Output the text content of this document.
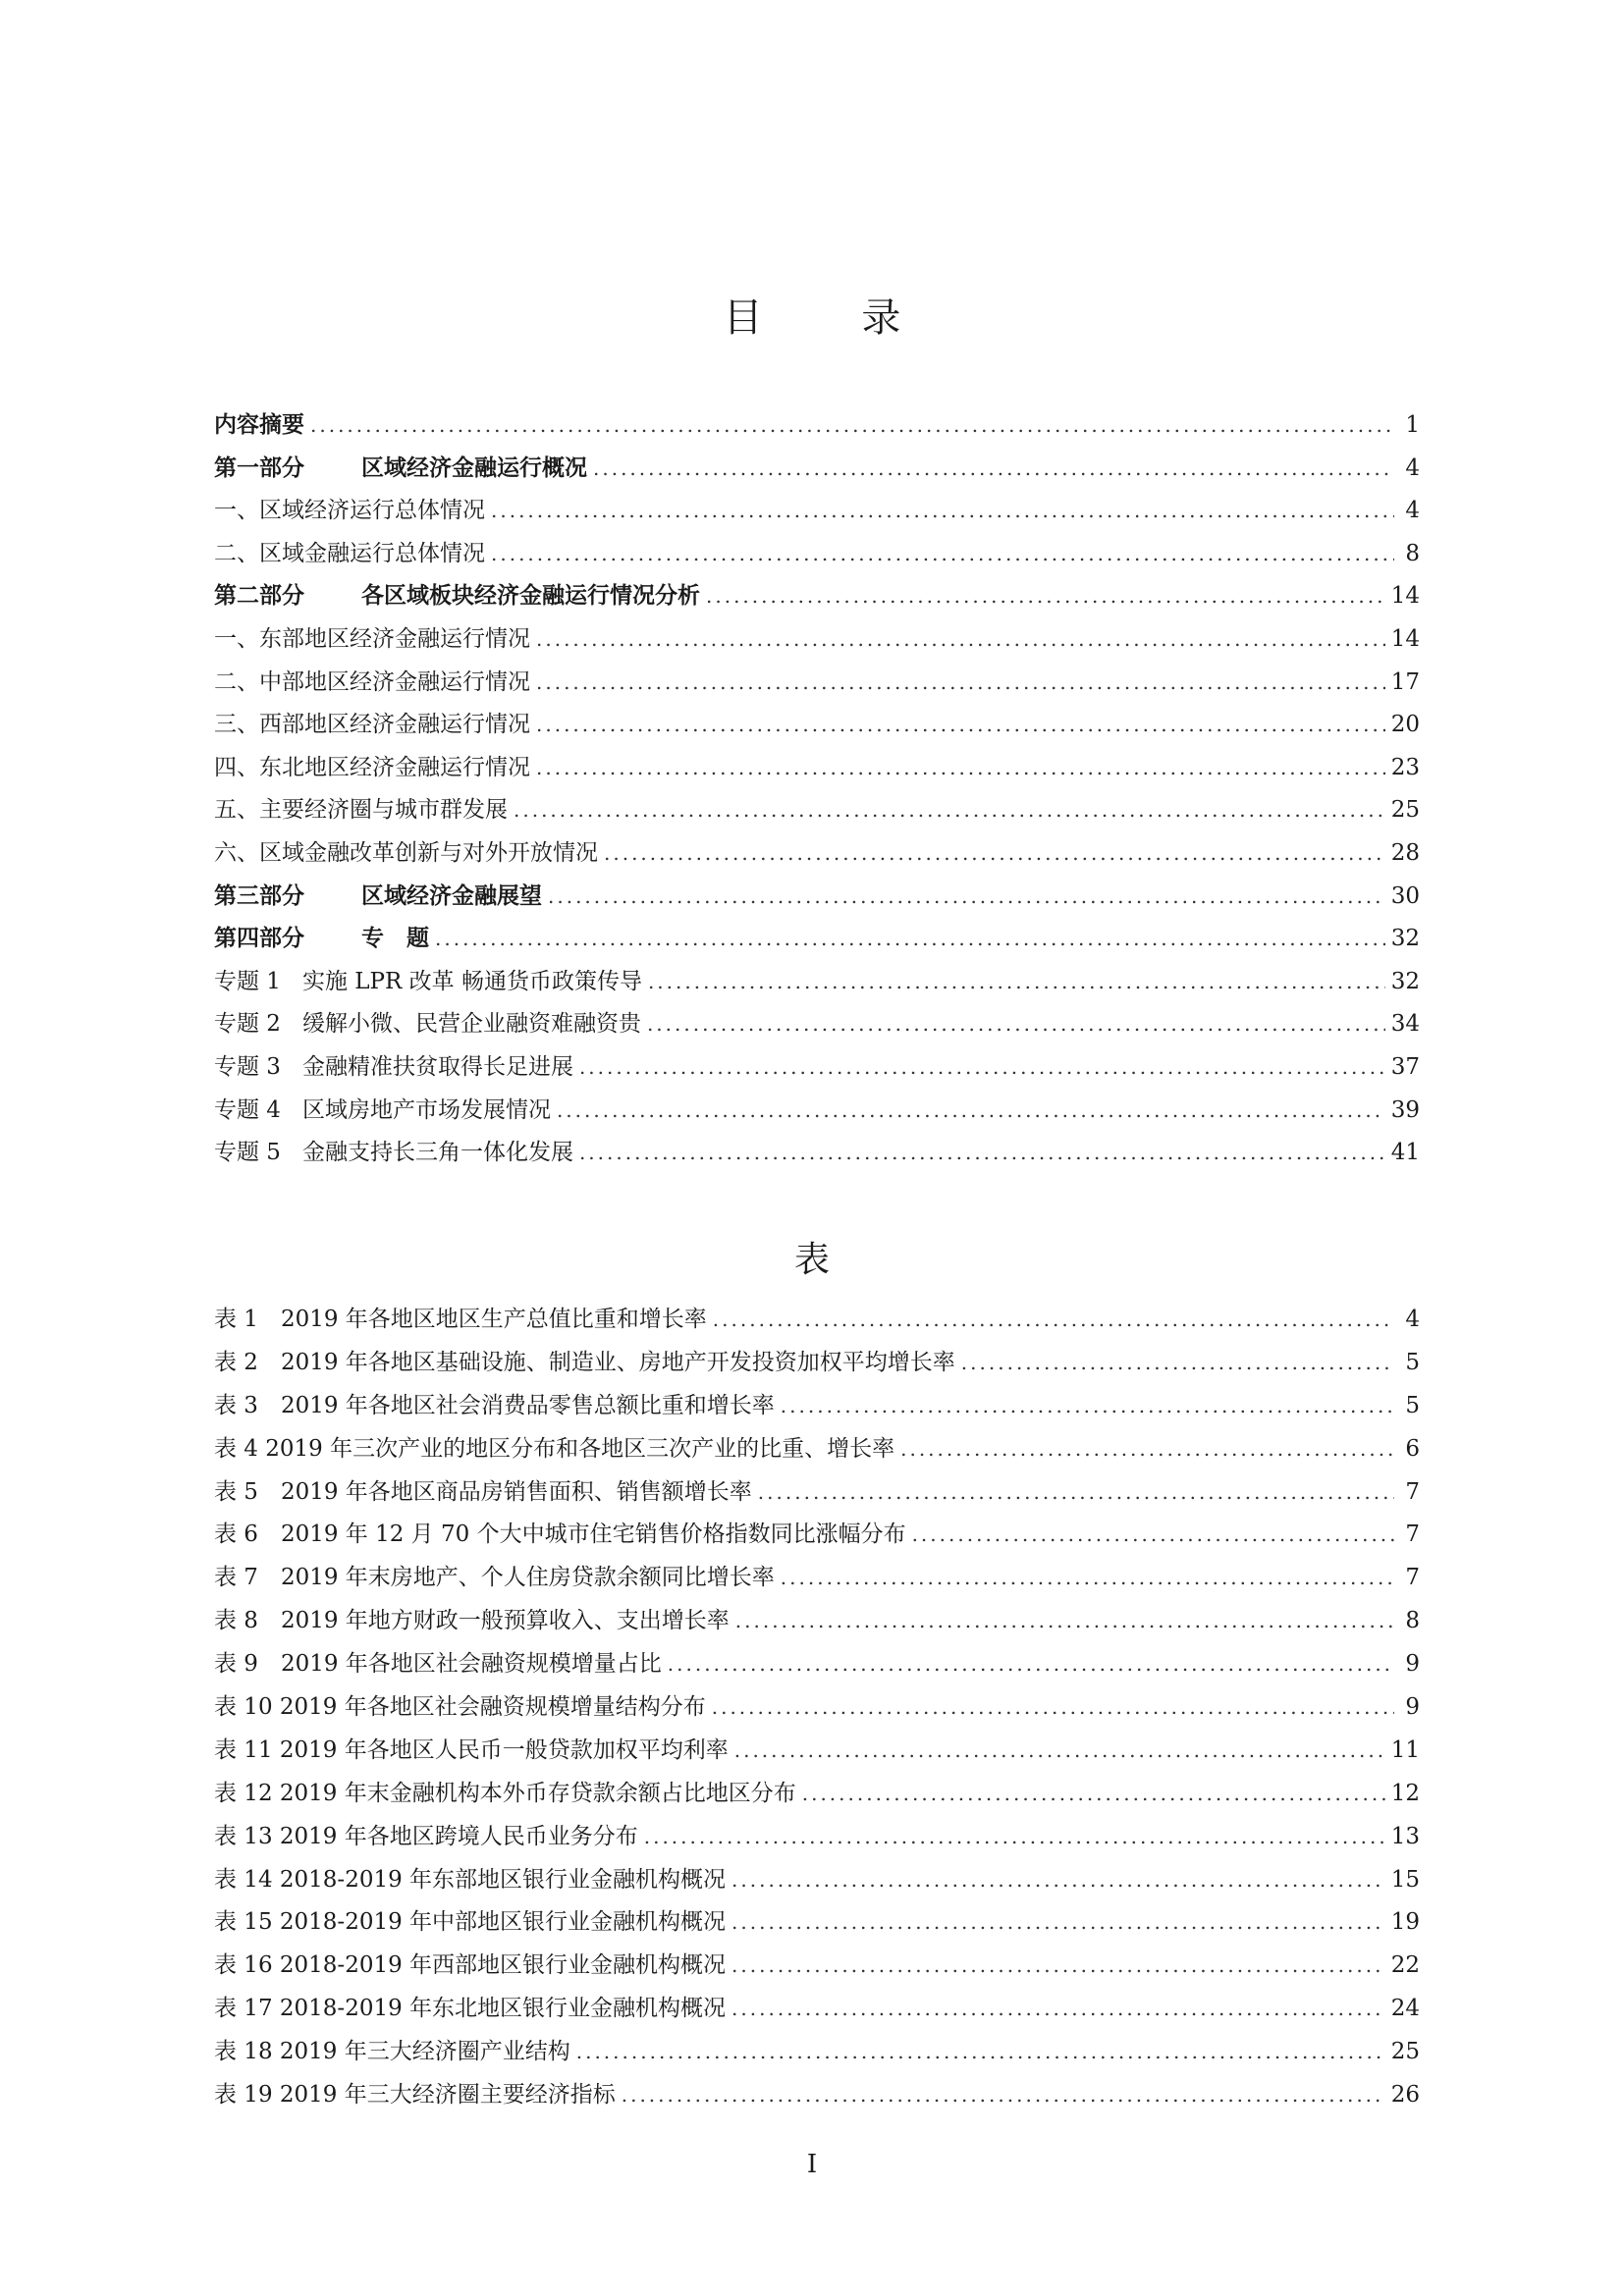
目 录
内容摘要 .....	1
第一部分	区域经济金融运行概况 .....	4
一、区域经济运行总体情况 .....	4
二、区域金融运行总体情况 .....	8
第二部分	各区域板块经济金融运行情况分析 .....	14
一、东部地区经济金融运行情况 .....	14
二、中部地区经济金融运行情况 .....	17
三、西部地区经济金融运行情况 .....	20
四、东北地区经济金融运行情况 .....	23
五、主要经济圈与城市群发展 .....	25
六、区域金融改革创新与对外开放情况 .....	28
第三部分	区域经济金融展望 .....	30
第四部分	专　题 .....	32
专题 1 实施 LPR 改革 畅通货币政策传导 .....	32
专题 2 缓解小微、民营企业融资难融资贵 .....	34
专题 3 金融精准扶贫取得长足进展 .....	37
专题 4 区域房地产市场发展情况 .....	39
专题 5 金融支持长三角一体化发展 .....	41
表
表 1　2019 年各地区地区生产总值比重和增长率 .....	4
表 2　2019 年各地区基础设施、制造业、房地产开发投资加权平均增长率 .....	5
表 3　2019 年各地区社会消费品零售总额比重和增长率 .....	5
表 4 2019 年三次产业的地区分布和各地区三次产业的比重、增长率 .....	6
表 5　2019 年各地区商品房销售面积、销售额增长率 .....	7
表 6　2019 年 12 月 70 个大中城市住宅销售价格指数同比涨幅分布 .....	7
表 7　2019 年末房地产、个人住房贷款余额同比增长率 .....	7
表 8　2019 年地方财政一般预算收入、支出增长率 .....	8
表 9　2019 年各地区社会融资规模增量占比 .....	9
表 10 2019 年各地区社会融资规模增量结构分布 .....	9
表 11 2019 年各地区人民币一般贷款加权平均利率 .....	11
表 12 2019 年末金融机构本外币存贷款余额占比地区分布 .....	12
表 13 2019 年各地区跨境人民币业务分布 .....	13
表 14 2018-2019 年东部地区银行业金融机构概况 .....	15
表 15 2018-2019 年中部地区银行业金融机构概况 .....	19
表 16 2018-2019 年西部地区银行业金融机构概况 .....	22
表 17 2018-2019 年东北地区银行业金融机构概况 .....	24
表 18 2019 年三大经济圈产业结构 .....	25
表 19 2019 年三大经济圈主要经济指标 .....	26
I
